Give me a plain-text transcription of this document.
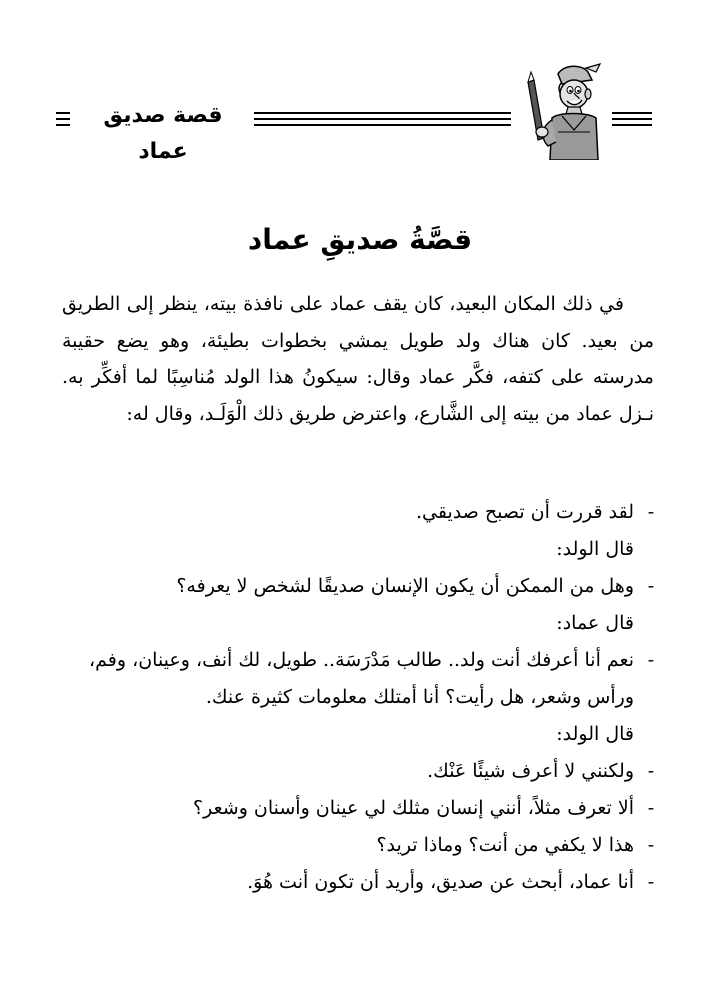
قصة صديق عماد
قصَّةُ صديقِ عماد

في ذلك المكان البعيد، كان يقف عماد على نافذة بيته، ينظر إلى الطريق من بعيد. كان هناك ولد طويل يمشي بخطوات بطيئة، وهو يضع حقيبة مدرسته على كتفه، فكَّر عماد وقال: سيكونُ هذا الولد مُناسِبًا لما أفكِّر به. نـزل عماد من بيته إلى الشَّارع، واعترض طريق ذلك الْوَلَـد، وقال له:

-
لقد قررت أن تصبح صديقي.

قال الولد:

-
وهل من الممكن أن يكون الإنسان صديقًا لشخص لا يعرفه؟

قال عماد:

-
نعم أنا أعرفك أنت ولد.. طالب مَدْرَسَة.. طويل، لك أنف، وعينان، وفم، ورأس وشعر، هل رأيت؟ أنا أمتلك معلومات كثيرة عنك.

قال الولد:

-
ولكنني لا أعرف شيئًا عَنْك.

-
ألا تعرف مثلاً، أنني إنسان مثلك لي عينان وأسنان وشعر؟

-
هذا لا يكفي من أنت؟ وماذا تريد؟

-
أنا عماد، أبحث عن صديق، وأريد أن تكون أنت هُوَ.
